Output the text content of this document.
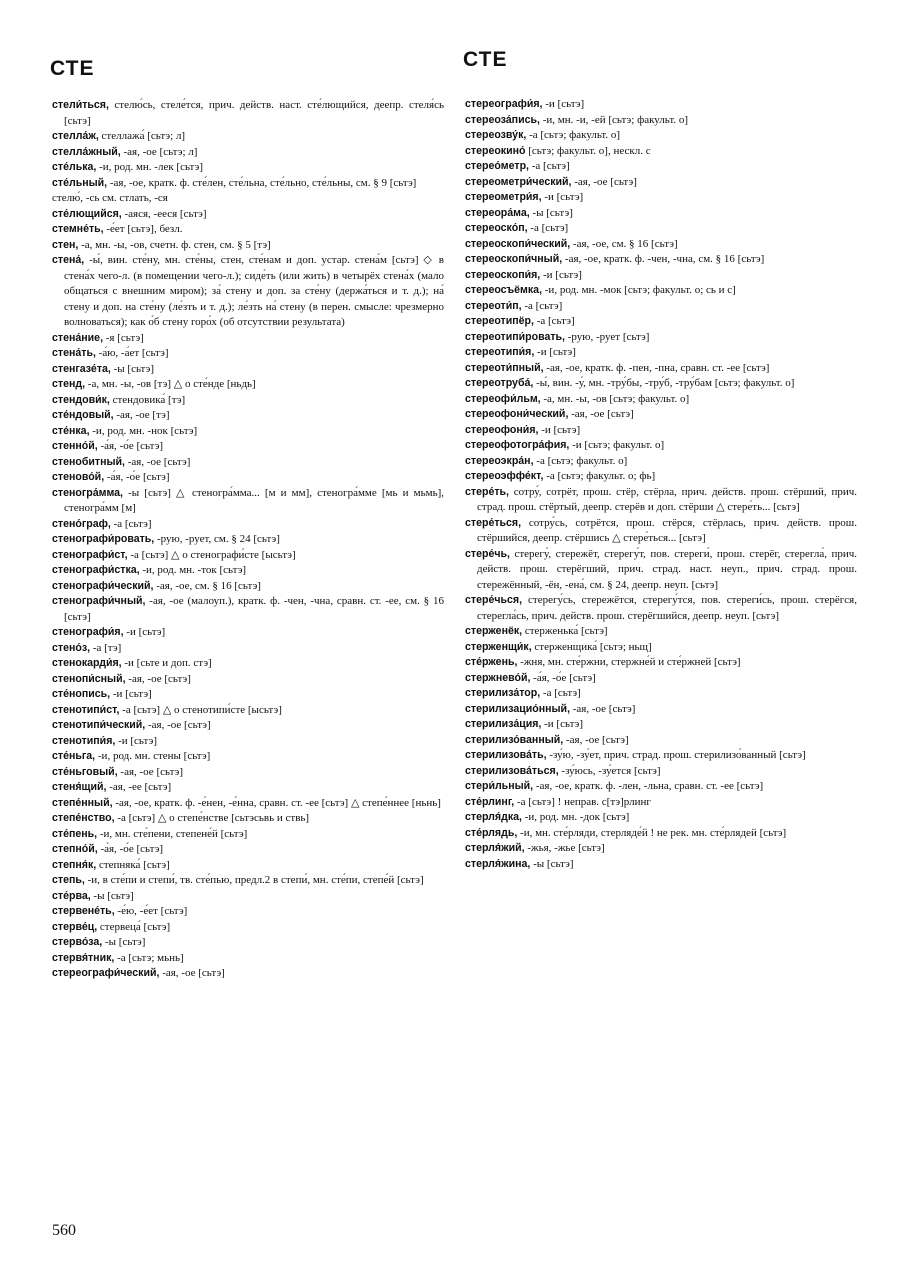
СТЕ	СТЕ

стели́ться, стелю́сь, стеле́тся, прич. действ. наст. сте́лющийся, деепр. стеля́сь [сьтэ]

стелла́ж, стеллажа́ [сьтэ; л]

стелла́жный, -ая, -ое [сьтэ; л]

сте́лька, -и, род. мн. -лек [сьтэ]

сте́льный, -ая, -ое, кратк. ф. сте́лен, сте́льна, сте́льно, сте́льны, см. § 9 [сьтэ]

стелю́, -сь см. стлать, -ся

сте́лющийся, -аяся, -ееся [сьтэ]

стемне́ть, -е́ет [сьтэ], безл.

стен, -а, мн. -ы, -ов, счетн. ф. стен, см. § 5 [тэ]

стена́, -ы́, вин. сте́ну, мн. сте́ны, стен, сте́нам и доп. устар. стена́м [сьтэ] ◇ в стена́х чего-л. (в помещении чего-л.); сиде́ть (или жить) в четырёх стена́х (мало общаться с внешним миром); за́ стену и доп. за сте́ну (держа́ться и т. д.); на́ стену и доп. на сте́ну (ле́зть и т. д.); ле́зть на́ стену (в перен. смысле: чрезмерно волноваться); как о́б стену горо́х (об отсутствии результата)

стена́ние, -я [сьтэ]

стена́ть, -а́ю, -а́ет [сьтэ]

стенгазе́та, -ы [сьтэ]

стенд, -а, мн. -ы, -ов [тэ] △ о сте́нде [ньдь]

стендови́к, стендовика́ [тэ]

сте́ндовый, -ая, -ое [тэ]

сте́нка, -и, род. мн. -нок [сьтэ]

стенно́й, -а́я, -о́е [сьтэ]

стенобитный, -ая, -ое [сьтэ]

стеново́й, -а́я, -о́е [сьтэ]

стеногра́мма, -ы [сьтэ] △ стеногра́мма... [м и мм], стеногра́мме [мь и мьмь], стеногра́мм [м]

стено́граф, -а [сьтэ]

стенографи́ровать, -рую, -рует, см. § 24 [сьтэ]

стенографи́ст, -а [сьтэ] △ о стенографи́сте [ысьтэ]

стенографи́стка, -и, род. мн. -ток [сьтэ]

стенографи́ческий, -ая, -ое, см. § 16 [сьтэ]

стенографи́чный, -ая, -ое (малоуп.), кратк. ф. -чен, -чна, сравн. ст. -ее, см. § 16 [сьтэ]

стенографи́я, -и [сьтэ]

стено́з, -а [тэ]

стенокарди́я, -и [сьте и доп. стэ]

стенопи́сный, -ая, -ое [сьтэ]

сте́нопись, -и [сьтэ]

стенотипи́ст, -а [сьтэ] △ о стенотипи́сте [ысьтэ]

стенотипи́ческий, -ая, -ое [сьтэ]

стенотипи́я, -и [сьтэ]

сте́ньга, -и, род. мн. стены [сьтэ]

сте́ньговый, -ая, -ое [сьтэ]

стеня́щий, -ая, -ее [сьтэ]

степе́нный, -ая, -ое, кратк. ф. -е́нен, -е́нна, сравн. ст. -ее [сьтэ] △ степе́ннее [ньнь]

степе́нство, -а [сьтэ] △ о степе́нстве [сьтэсьвь и ствь]

сте́пень, -и, мн. сте́пени, степене́й [сьтэ]

степно́й, -а́я, -о́е [сьтэ]

степня́к, степняка́ [сьтэ]

степь, -и, в сте́пи и степи́, тв. сте́пью, предл.2 в степи́, мн. сте́пи, степе́й [сьтэ]

сте́рва, -ы [сьтэ]

стервене́ть, -е́ю, -е́ет [сьтэ]

стерве́ц, стервеца́ [сьтэ]

стерво́за, -ы [сьтэ]

стервя́тник, -а [сьтэ; мьнь]

стереографи́ческий, -ая, -ое [сьтэ]

стереографи́я, -и [сьтэ]

стереоза́пись, -и, мн. -и, -ей [сьтэ; факульт. о]

стереозву́к, -а [сьтэ; факульт. о]

стереокино́ [сьтэ; факульт. о], нескл. с

стерео́метр, -а [сьтэ]

стереометри́ческий, -ая, -ое [сьтэ]

стереометри́я, -и [сьтэ]

стереора́ма, -ы [сьтэ]

стереоско́п, -а [сьтэ]

стереоскопи́ческий, -ая, -ое, см. § 16 [сьтэ]

стереоскопи́чный, -ая, -ое, кратк. ф. -чен, -чна, см. § 16 [сьтэ]

стереоскопи́я, -и [сьтэ]

стереосъёмка, -и, род. мн. -мок [сьтэ; факульт. о; сь и с]

стереоти́п, -а [сьтэ]

стереотипёр, -а [сьтэ]

стереотипи́ровать, -рую, -рует [сьтэ]

стереотипи́я, -и [сьтэ]

стереоти́пный, -ая, -ое, кратк. ф. -пен, -пна, сравн. ст. -ее [сьтэ]

стереотруба́, -ы́, вин. -у́, мн. -тру́бы, -тру́б, -тру́бам [сьтэ; факульт. о]

стереофи́льм, -а, мн. -ы, -ов [сьтэ; факульт. о]

стереофони́ческий, -ая, -ое [сьтэ]

стереофони́я, -и [сьтэ]

стереофотогра́фия, -и [сьтэ; факульт. о]

стереоэкра́н, -а [сьтэ; факульт. о]

стереоэффе́кт, -а [сьтэ; факульт. о; фь]

стере́ть, сотру́, сотрёт, прош. стёр, стёрла, прич. действ. прош. стёрший, прич. страд. прош. стёртый, деепр. стерёв и доп. стёрши △ стере́ть... [сьтэ]

стере́ться, сотру́сь, сотрётся, прош. стёрся, стёрлась, прич. действ. прош. стёршийся, деепр. стёршись △ стере́ться... [сьтэ]

стере́чь, стерегу́, стережёт, стерегу́т, пов. стереги́, прош. стерёг, стерегла́, прич. действ. прош. стерёгший, прич. страд. наст. неуп., прич. страд. прош. стережённый, -ён, -ена́, см. § 24, деепр. неуп. [сьтэ]

стере́чься, стерегу́сь, стережётся, стерегу́тся, пов. стереги́сь, прош. стерёгся, стерегла́сь, прич. действ. прош. стерёгшийся, деепр. неуп. [сьтэ]

стерженёк, стерженька́ [сьтэ]

стерженщи́к, стерженщика́ [сьтэ; ньщ]

сте́ржень, -жня, мн. сте́ржни, стержне́й и сте́ржней [сьтэ]

стержнево́й, -а́я, -о́е [сьтэ]

стерилиза́тор, -а [сьтэ]

стерилизацио́нный, -ая, -ое [сьтэ]

стерилиза́ция, -и [сьтэ]

стерилизо́ванный, -ая, -ое [сьтэ]

стерилизова́ть, -зу́ю, -зу́ет, прич. страд. прош. стерилизо́ванный [сьтэ]

стерилизова́ться, -зу́юсь, -зу́ется [сьтэ]

стери́льный, -ая, -ое, кратк. ф. -лен, -льна, сравн. ст. -ее [сьтэ]

сте́рлинг, -а [сьтэ] ! неправ. с[тэ]рлинг

стерля́дка, -и, род. мн. -док [сьтэ]

сте́рлядь, -и, мн. сте́рляди, стерляде́й ! не рек. мн. сте́рлядей [сьтэ]

стерля́жий, -жья, -жье [сьтэ]

стерля́жина, -ы [сьтэ]

560
